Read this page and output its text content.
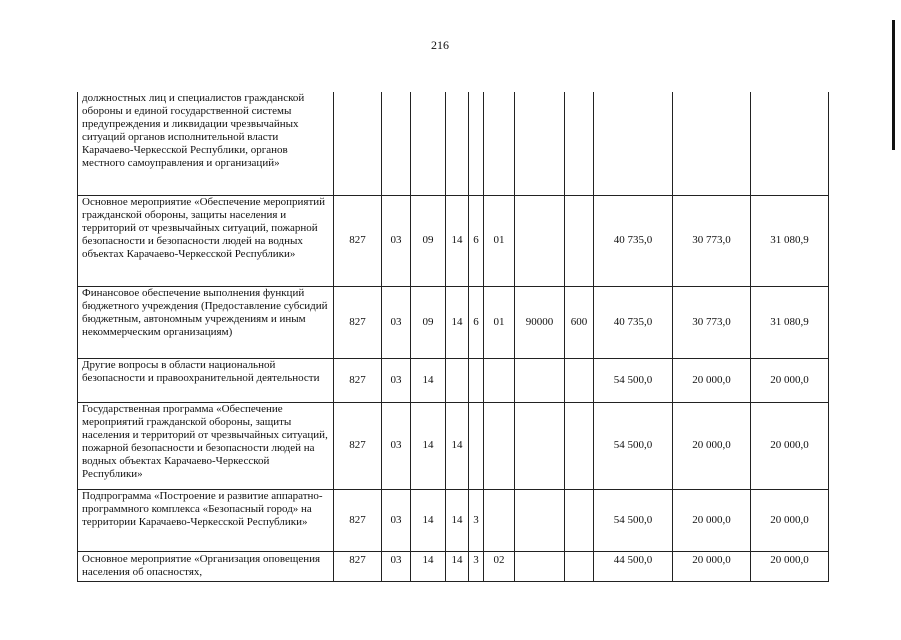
216
должностных лиц и специалистов гражданской обороны и единой государственной системы предупреждения и ликвидации чрезвычайных ситуаций органов исполнительной власти Карачаево-Черкесской Республики, органов местного самоуправления и организаций»											
Основное мероприятие «Обеспечение мероприятий гражданской обороны, защиты населения и территорий от чрезвычайных ситуаций, пожарной безопасности и безопасности людей на водных объектах Карачаево-Черкесской Республики»	827	03	09	14	6	01			40 735,0	30 773,0	31 080,9
Финансовое обеспечение выполнения функций бюджетного учреждения (Предоставление субсидий бюджетным, автономным учреждениям и иным некоммерческим организациям)	827	03	09	14	6	01	90000	600	40 735,0	30 773,0	31 080,9
Другие вопросы в области национальной безопасности и правоохранительной деятельности	827	03	14						54 500,0	20 000,0	20 000,0
Государственная программа «Обеспечение мероприятий гражданской обороны, защиты населения и территорий от чрезвычайных ситуаций, пожарной безопасности и безопасности людей на водных объектах Карачаево-Черкесской Республики»	827	03	14	14					54 500,0	20 000,0	20 000,0
Подпрограмма «Построение и развитие аппаратно-программного комплекса «Безопасный город» на территории Карачаево-Черкесской Республики»	827	03	14	14	3				54 500,0	20 000,0	20 000,0
Основное мероприятие «Организация оповещения населения об опасностях,	827	03	14	14	3	02			44 500,0	20 000,0	20 000,0
